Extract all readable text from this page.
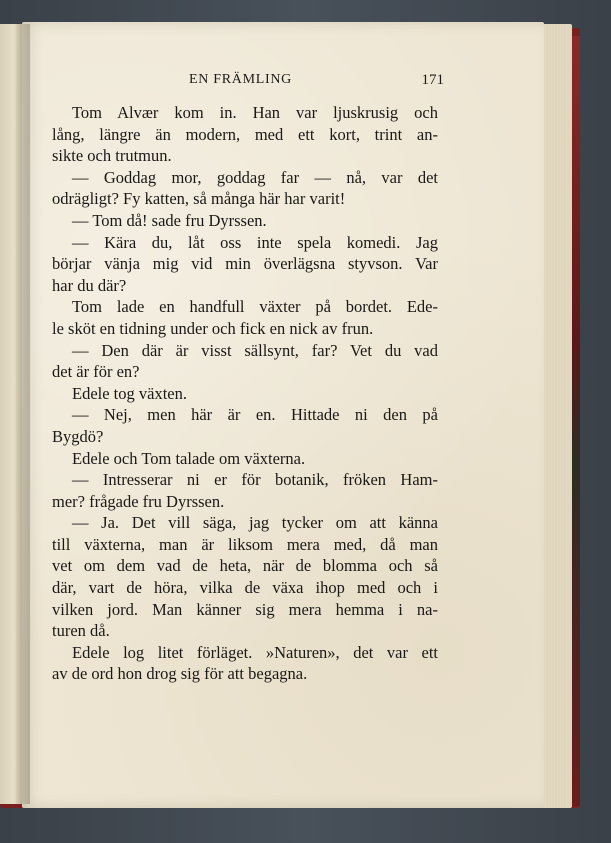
EN FRÄMLING	171
Tom Alvær kom in. Han var ljuskrusig och
lång, längre än modern, med ett kort, trint an-
sikte och trutmun.
— Goddag mor, goddag far — nå, var det
odrägligt? Fy katten, så många här har varit!
— Tom då! sade fru Dyrssen.
— Kära du, låt oss inte spela komedi. Jag
börjar vänja mig vid min överlägsna styvson. Var
har du där?
Tom lade en handfull växter på bordet. Ede-
le sköt en tidning under och fick en nick av frun.
— Den där är visst sällsynt, far? Vet du vad
det är för en?
Edele tog växten.
— Nej, men här är en. Hittade ni den på
Bygdö?
Edele och Tom talade om växterna.
— Intresserar ni er för botanik, fröken Ham-
mer? frågade fru Dyrssen.
— Ja. Det vill säga, jag tycker om att känna
till växterna, man är liksom mera med, då man
vet om dem vad de heta, när de blomma och så
där, vart de höra, vilka de växa ihop med och i
vilken jord. Man känner sig mera hemma i na-
turen då.
Edele log litet förläget. »Naturen», det var ett
av de ord hon drog sig för att begagna.
